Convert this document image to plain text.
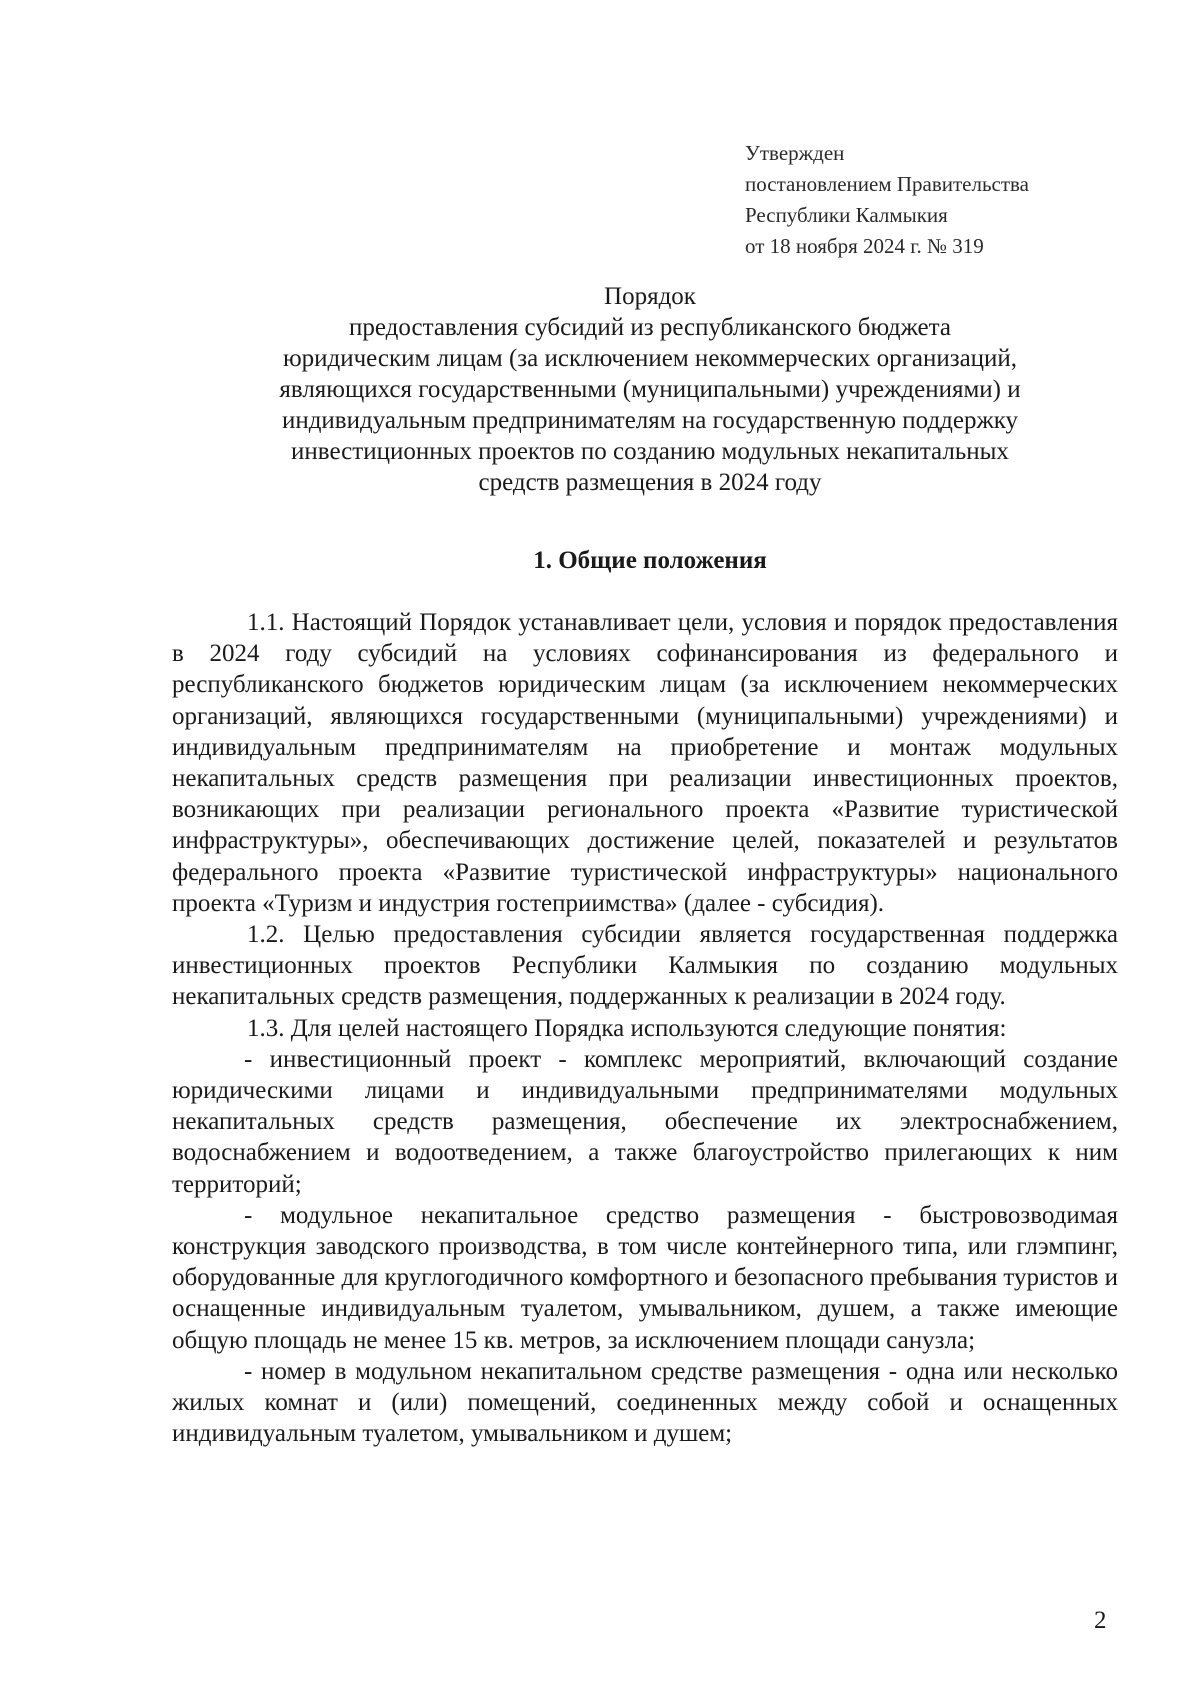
Утвержден
постановлением Правительства
Республики Калмыкия
от 18 ноября 2024 г. № 319
Порядок
предоставления субсидий из республиканского бюджета
юридическим лицам (за исключением некоммерческих организаций,
являющихся государственными (муниципальными) учреждениями) и
индивидуальным предпринимателям на государственную поддержку
инвестиционных проектов по созданию модульных некапитальных
средств размещения в 2024 году
1. Общие положения

1.1. Настоящий Порядок устанавливает цели, условия и порядок предоставления в 2024 году субсидий на условиях софинансирования из федерального и республиканского бюджетов юридическим лицам (за исключением некоммерческих организаций, являющихся государственными (муниципальными) учреждениями) и индивидуальным предпринимателям на приобретение и монтаж модульных некапитальных средств размещения при реализации инвестиционных проектов, возникающих при реализации регионального проекта «Развитие туристической инфраструктуры», обеспечивающих достижение целей, показателей и результатов федерального проекта «Развитие туристической инфраструктуры» национального проекта «Туризм и индустрия гостеприимства» (далее - субсидия).

1.2. Целью предоставления субсидии является государственная поддержка инвестиционных проектов Республики Калмыкия по созданию модульных некапитальных средств размещения, поддержанных к реализации в 2024 году.

1.3. Для целей настоящего Порядка используются следующие понятия:

- инвестиционный проект - комплекс мероприятий, включающий создание юридическими лицами и индивидуальными предпринимателями модульных некапитальных средств размещения, обеспечение их электроснабжением, водоснабжением и водоотведением, а также благоустройство прилегающих к ним территорий;

- модульное некапитальное средство размещения - быстровозводимая конструкция заводского производства, в том числе контейнерного типа, или глэмпинг, оборудованные для круглогодичного комфортного и безопасного пребывания туристов и оснащенные индивидуальным туалетом, умывальником, душем, а также имеющие общую площадь не менее 15 кв. метров, за исключением площади санузла;

- номер в модульном некапитальном средстве размещения - одна или несколько жилых комнат и (или) помещений, соединенных между собой и оснащенных индивидуальным туалетом, умывальником и душем;

2
